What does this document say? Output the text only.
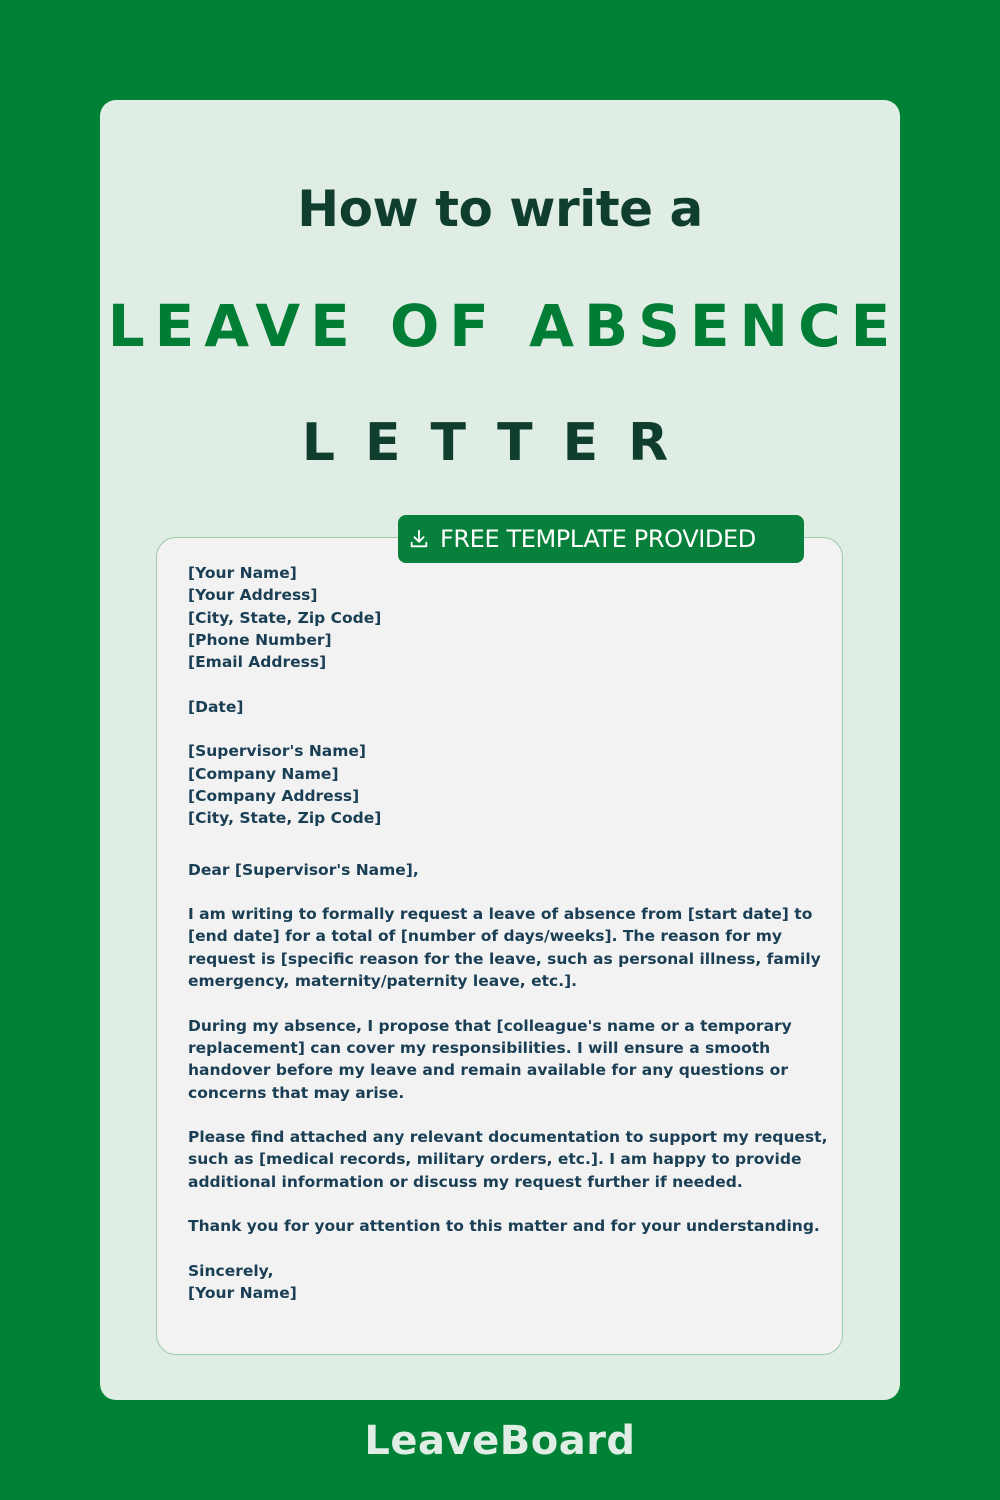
How to write a
LEAVE OF ABSENCE
LETTER
FREE TEMPLATE PROVIDED
[Your Name]
[Your Address]
[City, State, Zip Code]
[Phone Number]
[Email Address]
[Date]
[Supervisor's Name]
[Company Name]
[Company Address]
[City, State, Zip Code]
Dear [Supervisor's Name],
I am writing to formally request a leave of absence from [start date] to
[end date] for a total of [number of days/weeks]. The reason for my
request is [specific reason for the leave, such as personal illness, family
emergency, maternity/paternity leave, etc.].
During my absence, I propose that [colleague's name or a temporary
replacement] can cover my responsibilities. I will ensure a smooth
handover before my leave and remain available for any questions or
concerns that may arise.
Please find attached any relevant documentation to support my request,
such as [medical records, military orders, etc.]. I am happy to provide
additional information or discuss my request further if needed.
Thank you for your attention to this matter and for your understanding.
Sincerely,
[Your Name]
LeaveBoard
